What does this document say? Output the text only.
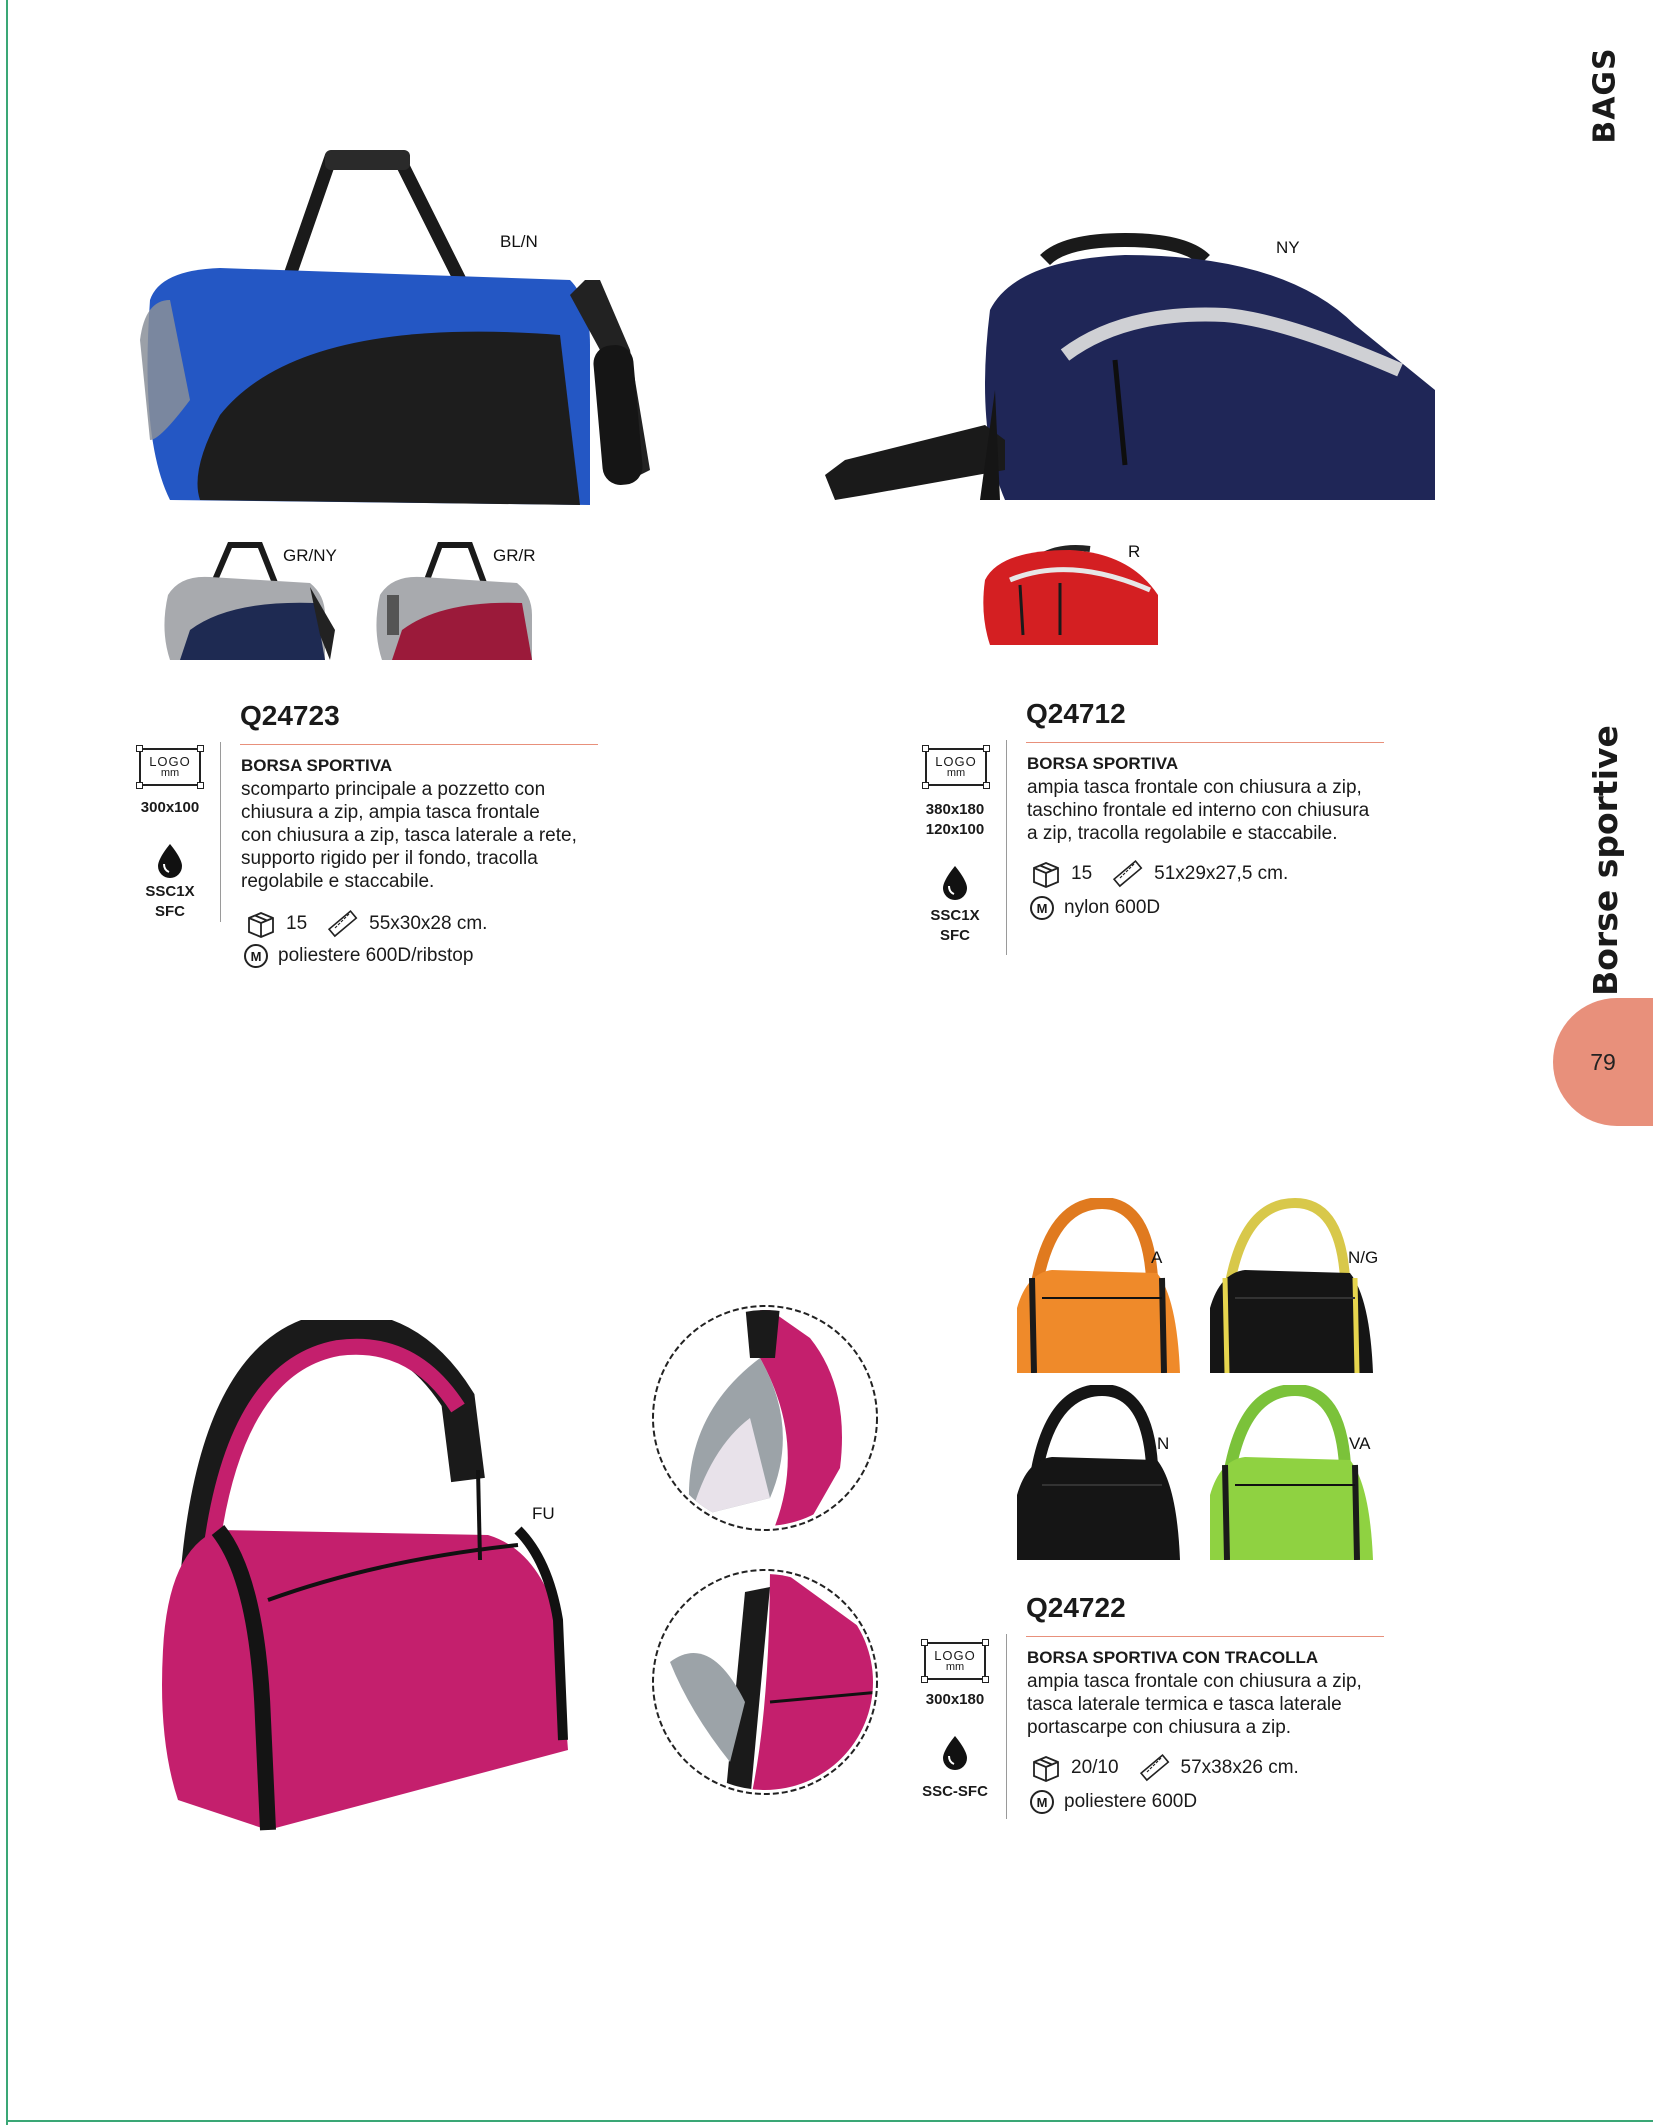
BAGS
Borse sportive
79
BL/N
GR/NY	GR/R
Q24723
LOGO
mm
300x100
SSC1X
SFC
BORSA SPORTIVA
scomparto principale a pozzetto con
chiusura a zip, ampia tasca frontale
con chiusura a zip, tasca laterale a rete,
supporto rigido per il fondo, tracolla
regolabile e staccabile.
15	55x30x28 cm.
M poliestere 600D/ribstop
NY
R
Q24712
LOGO
mm
380x180
120x100
SSC1X
SFC
BORSA SPORTIVA
ampia tasca frontale con chiusura a zip,
taschino frontale ed interno con chiusura
a zip, tracolla regolabile e staccabile.
15	51x29x27,5 cm.
M nylon 600D
FU
A	N/G
N	VA
Q24722
LOGO
mm
300x180
SSC-SFC
BORSA SPORTIVA CON TRACOLLA
ampia tasca frontale con chiusura a zip,
tasca laterale termica e tasca laterale
portascarpe con chiusura a zip.
20/10	57x38x26 cm.
M poliestere 600D
